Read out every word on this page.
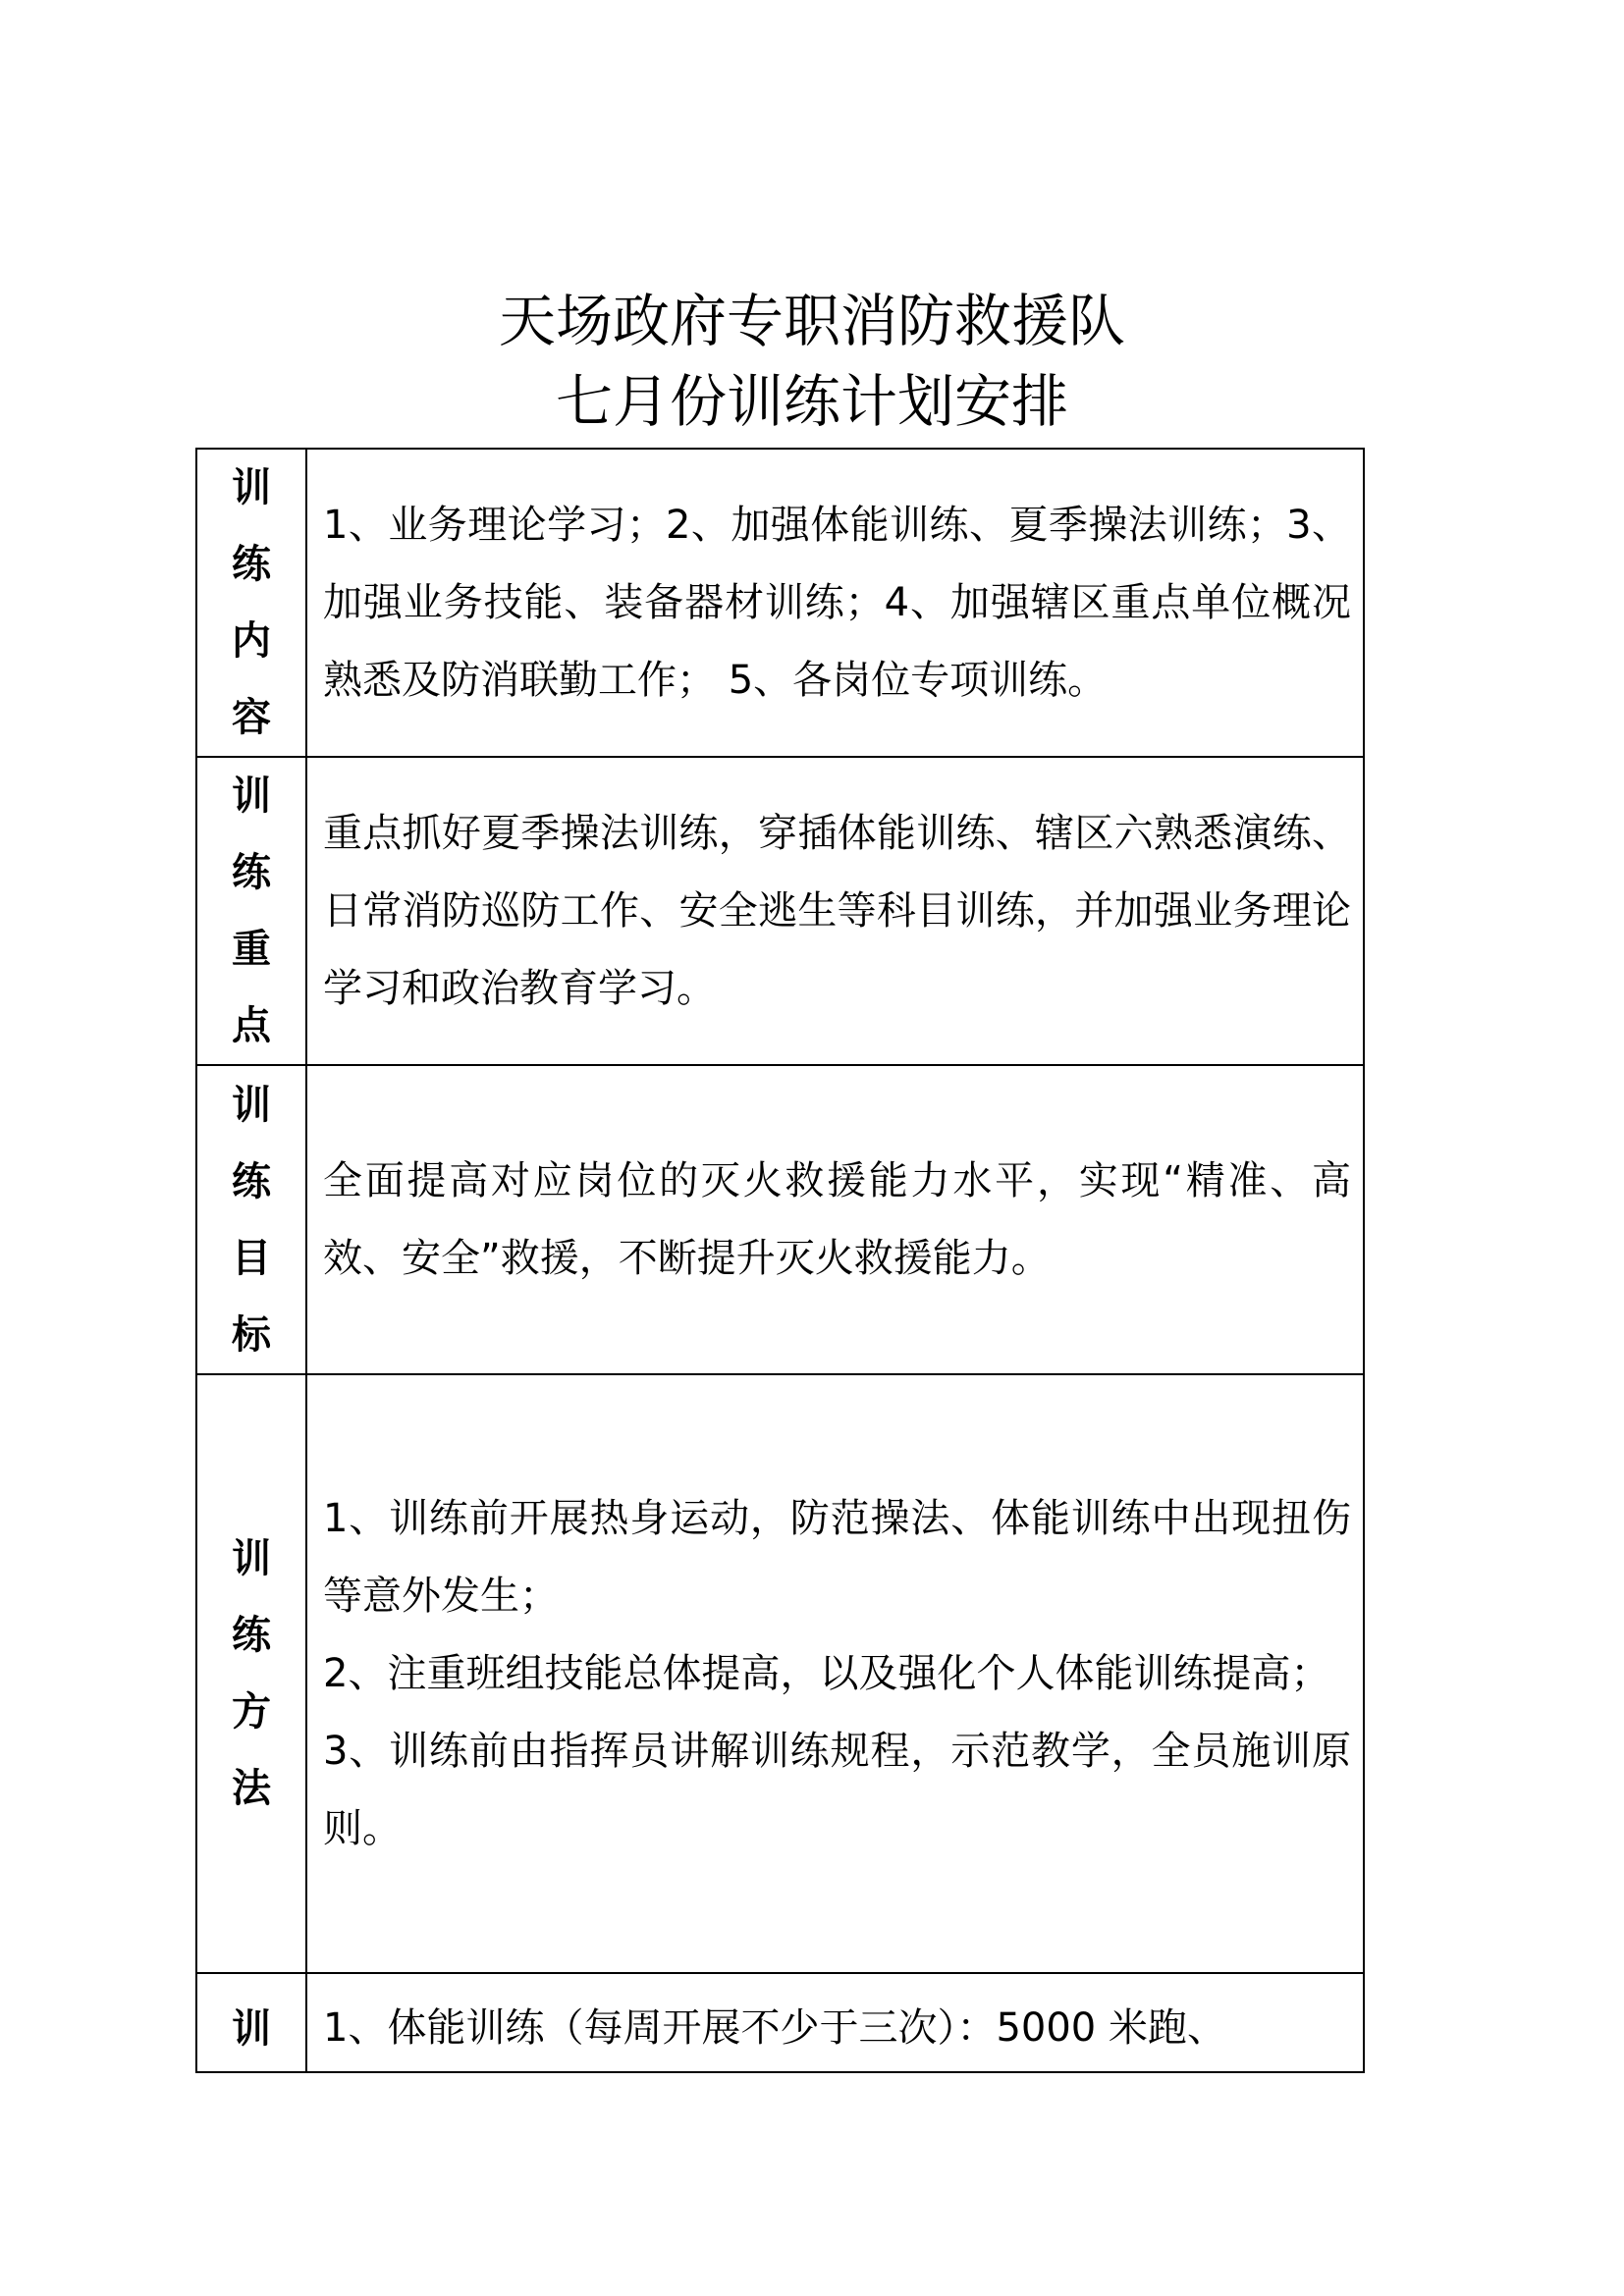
天场政府专职消防救援队
七月份训练计划安排
训练内容	1、业务理论学习；2、加强体能训练、夏季操法训练；3、加强业务技能、装备器材训练；4、加强辖区重点单位概况熟悉及防消联勤工作； 5、各岗位专项训练。

训练重点	重点抓好夏季操法训练，穿插体能训练、辖区六熟悉演练、日常消防巡防工作、安全逃生等科目训练，并加强业务理论学习和政治教育学习。

训练目标	全面提高对应岗位的灭火救援能力水平，实现“精准、高效、安全”救援，不断提升灭火救援能力。

训练方法	1、训练前开展热身运动，防范操法、体能训练中出现扭伤等意外发生；

2、注重班组技能总体提高，以及强化个人体能训练提高；

3、训练前由指挥员讲解训练规程，示范教学，全员施训原则。

训	1、体能训练（每周开展不少于三次）：5000 米跑、
